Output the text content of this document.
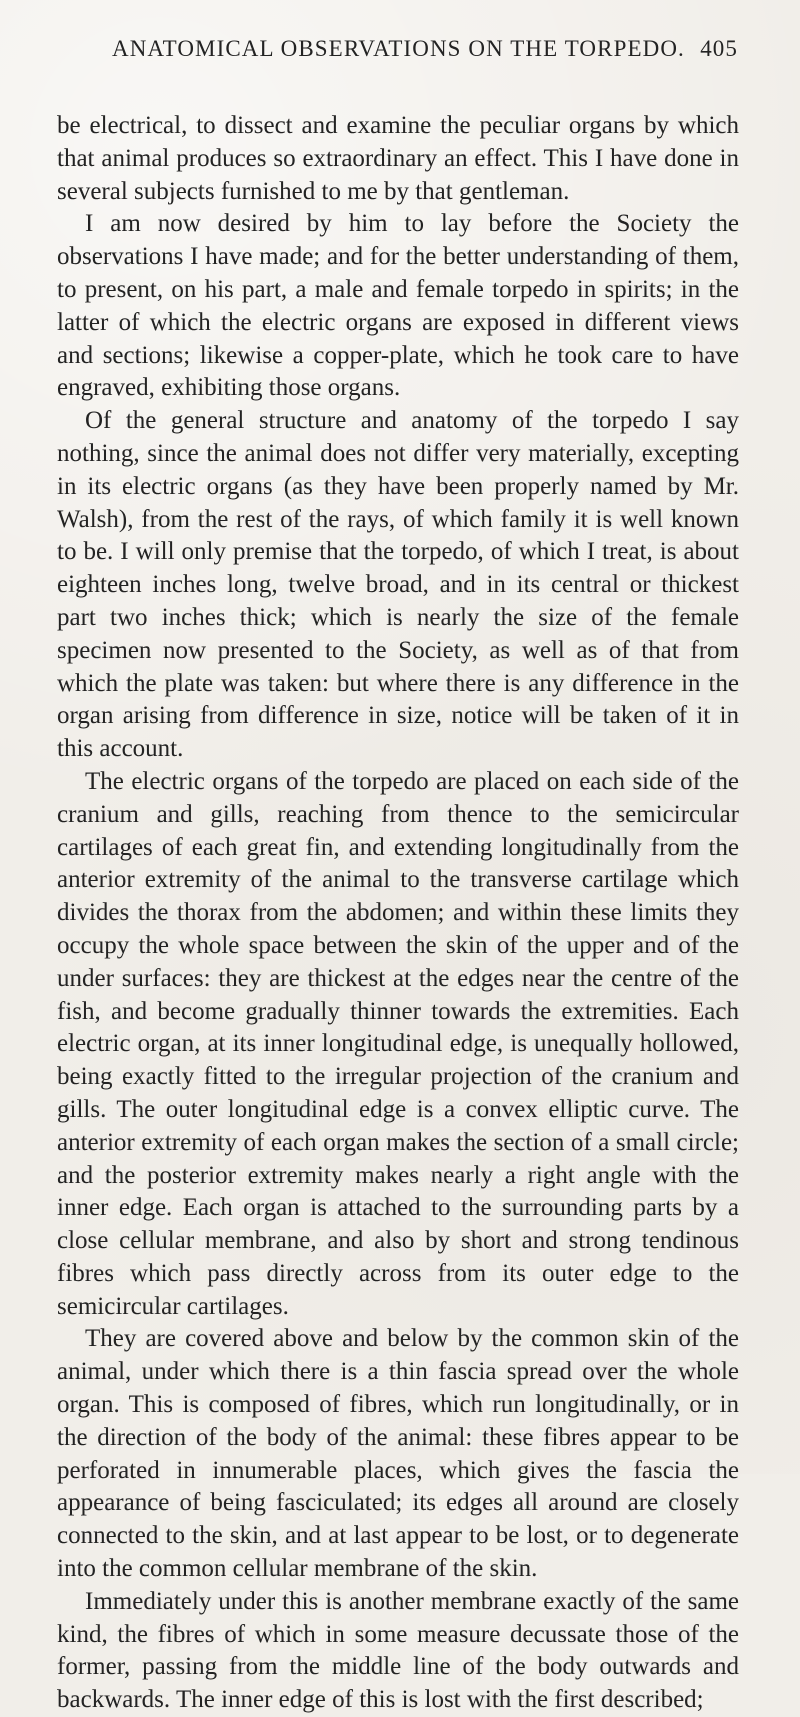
ANATOMICAL OBSERVATIONS ON THE TORPEDO. 405

be electrical, to dissect and examine the peculiar organs by which that animal produces so extraordinary an effect. This I have done in several subjects furnished to me by that gentleman.

I am now desired by him to lay before the Society the observations I have made; and for the better understanding of them, to present, on his part, a male and female torpedo in spirits; in the latter of which the electric organs are exposed in different views and sections; likewise a copper-plate, which he took care to have engraved, exhibiting those organs.

Of the general structure and anatomy of the torpedo I say nothing, since the animal does not differ very materially, excepting in its electric organs (as they have been properly named by Mr. Walsh), from the rest of the rays, of which family it is well known to be. I will only premise that the torpedo, of which I treat, is about eighteen inches long, twelve broad, and in its central or thickest part two inches thick; which is nearly the size of the female specimen now presented to the Society, as well as of that from which the plate was taken: but where there is any difference in the organ arising from difference in size, notice will be taken of it in this account.

The electric organs of the torpedo are placed on each side of the cranium and gills, reaching from thence to the semicircular cartilages of each great fin, and extending longitudinally from the anterior extremity of the animal to the transverse cartilage which divides the thorax from the abdomen; and within these limits they occupy the whole space between the skin of the upper and of the under surfaces: they are thickest at the edges near the centre of the fish, and become gradually thinner towards the extremities. Each electric organ, at its inner longitudinal edge, is unequally hollowed, being exactly fitted to the irregular projection of the cranium and gills. The outer longitudinal edge is a convex elliptic curve. The anterior extremity of each organ makes the section of a small circle; and the posterior extremity makes nearly a right angle with the inner edge. Each organ is attached to the surrounding parts by a close cellular membrane, and also by short and strong tendinous fibres which pass directly across from its outer edge to the semicircular cartilages.

They are covered above and below by the common skin of the animal, under which there is a thin fascia spread over the whole organ. This is composed of fibres, which run longitudinally, or in the direction of the body of the animal: these fibres appear to be perforated in innumerable places, which gives the fascia the appearance of being fasciculated; its edges all around are closely connected to the skin, and at last appear to be lost, or to degenerate into the common cellular membrane of the skin.

Immediately under this is another membrane exactly of the same kind, the fibres of which in some measure decussate those of the former, passing from the middle line of the body outwards and backwards. The inner edge of this is lost with the first described;
